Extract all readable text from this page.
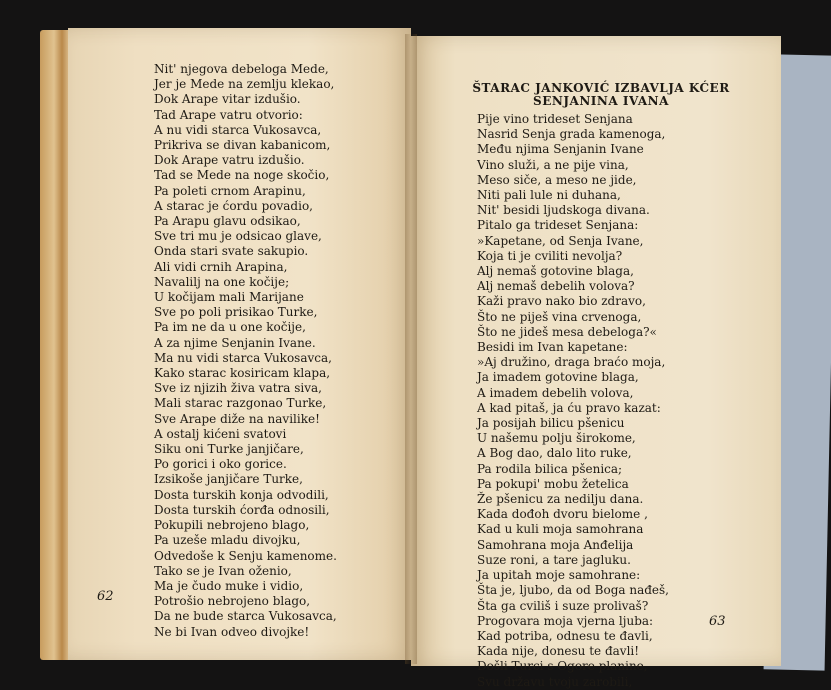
Nit' njegova debeloga Mede,
Jer je Mede na zemlju klekao,
Dok Arape vitar izdušio.
Tad Arape vatru otvorio:
A nu vidi starca Vukosavca,
Prikriva se divan kabanicom,
Dok Arape vatru izdušio.
Tad se Mede na noge skočio,
Pa poleti crnom Arapinu,
A starac je ćordu povadio,
Pa Arapu glavu odsikao,
Sve tri mu je odsicao glave,
Onda stari svate sakupio.
Ali vidi crnih Arapina,
Navalilj na one kočije;
U kočijam mali Marijane
Sve po poli prisikao Turke,
Pa im ne da u one kočije,
A za njime Senjanin Ivane.
Ma nu vidi starca Vukosavca,
Kako starac kosiricam klapa,
Sve iz njizih živa vatra siva,
Mali starac razgonao Turke,
Sve Arape diže na navilike!
A ostalj kićeni svatovi
Siku oni Turke janjičare,
Po gorici i oko gorice.
Izsikoše janjičare Turke,
Dosta turskih konja odvodili,
Dosta turskih ćorđa odnosili,
Pokupili nebrojeno blago,
Pa uzeše mladu divojku,
Odvedoše k Senju kamenome.
Tako se je Ivan oženio,
Ma je čudo muke i vidio,
Potrošio nebrojeno blago,
Da ne bude starca Vukosavca,
Ne bi Ivan odveo divojke!
62
ŠTARAC JANKOVIĆ IZBAVLJA KĆER
SENJANINA IVANA
Pije vino trideset Senjana
Nasrid Senja grada kamenoga,
Među njima Senjanin Ivane
Vino služi, a ne pije vina,
Meso siče, a meso ne jide,
Niti pali lule ni duhana,
Nit' besidi ljudskoga divana.
Pitalo ga trideset Senjana:
»Kapetane, od Senja Ivane,
Koja ti je cviliti nevolja?
Alj nemaš gotovine blaga,
Alj nemaš debelih volova?
Kaži pravo nako bio zdravo,
Što ne piješ vina crvenoga,
Što ne jideš mesa debeloga?«
Besidi im Ivan kapetane:
»Aj družino, draga braćo moja,
Ja imadem gotovine blaga,
A imadem debelih volova,
A kad pitaš, ja ću pravo kazat:
Ja posijah bilicu pšenicu
U našemu polju širokome,
A Bog dao, dalo lito ruke,
Pa rodila bilica pšenica;
Pa pokupi' mobu žetelica
Že pšenicu za nedilju dana.
Kada dođoh dvoru bielome ,
Kad u kuli moja samohrana
Samohrana moja Anđelija
Suze roni, a tare jagluku.
Ja upitah moje samohrane:
Šta je, ljubo, da od Boga nađeš,
Šta ga cviliš i suze prolivaš?
Progovara moja vjerna ljuba:
Kad potriba, odnesu te đavli,
Kada nije, donesu te đavli!
Došli Turci s Ogore planine,
Svu državu tvoju zarobili,
63
